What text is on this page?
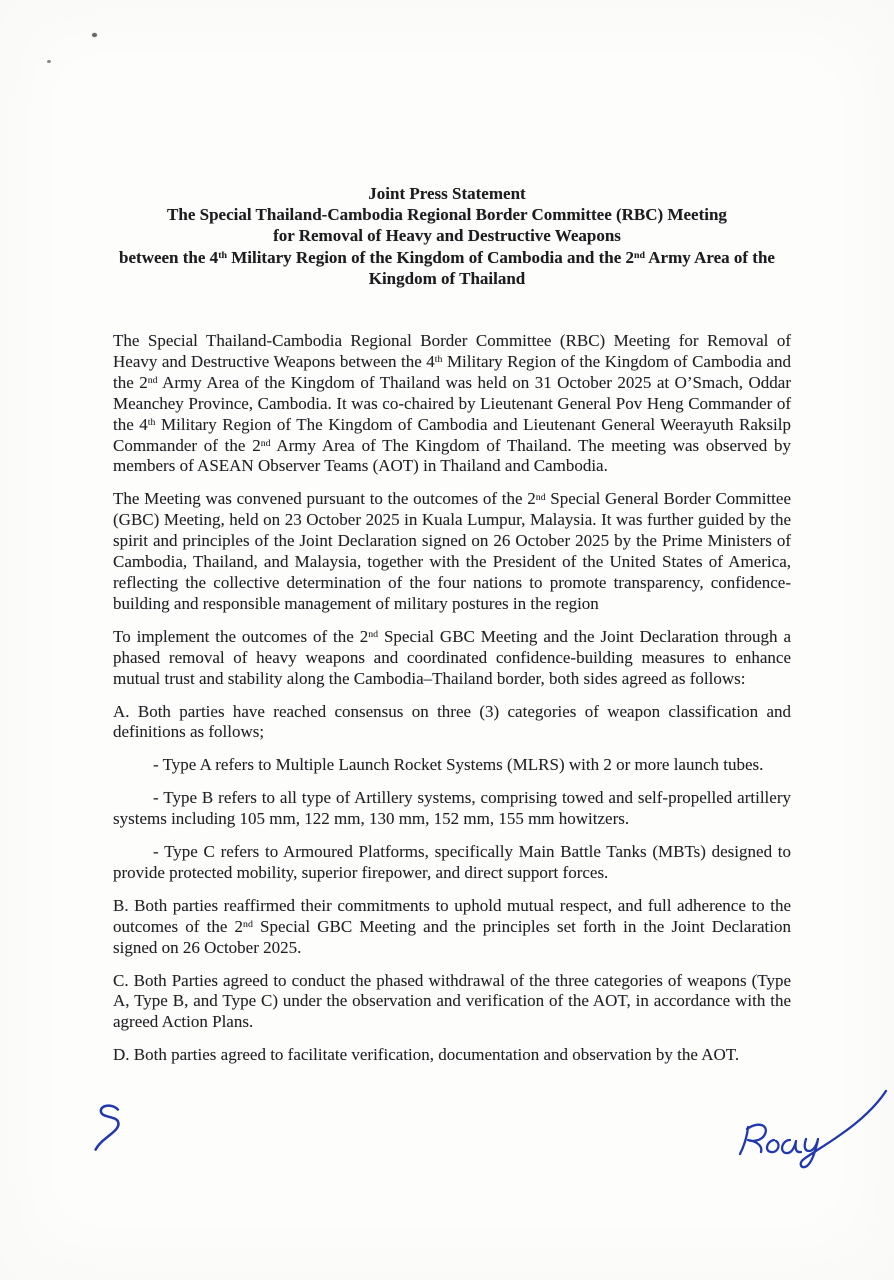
Joint Press Statement
The Special Thailand-Cambodia Regional Border Committee (RBC) Meeting
for Removal of Heavy and Destructive Weapons
between the 4th Military Region of the Kingdom of Cambodia and the 2nd Army Area of the
Kingdom of Thailand

The Special Thailand-Cambodia Regional Border Committee (RBC) Meeting for Removal of Heavy and Destructive Weapons between the 4th Military Region of the Kingdom of Cambodia and the 2nd Army Area of the Kingdom of Thailand was held on 31 October 2025 at O’Smach, Oddar Meanchey Province, Cambodia. It was co-chaired by Lieutenant General Pov Heng Commander of the 4th Military Region of The Kingdom of Cambodia and Lieutenant General Weerayuth Raksilp Commander of the 2nd Army Area of The Kingdom of Thailand. The meeting was observed by members of ASEAN Observer Teams (AOT) in Thailand and Cambodia.

The Meeting was convened pursuant to the outcomes of the 2nd Special General Border Committee (GBC) Meeting, held on 23 October 2025 in Kuala Lumpur, Malaysia. It was further guided by the spirit and principles of the Joint Declaration signed on 26 October 2025 by the Prime Ministers of Cambodia, Thailand, and Malaysia, together with the President of the United States of America, reflecting the collective determination of the four nations to promote transparency, confidence-building and responsible management of military postures in the region

To implement the outcomes of the 2nd Special GBC Meeting and the Joint Declaration through a phased removal of heavy weapons and coordinated confidence-building measures to enhance mutual trust and stability along the Cambodia–Thailand border, both sides agreed as follows:

A. Both parties have reached consensus on three (3) categories of weapon classification and definitions as follows;

- Type A refers to Multiple Launch Rocket Systems (MLRS) with 2 or more launch tubes.

- Type B refers to all type of Artillery systems, comprising towed and self-propelled artillery systems including 105 mm, 122 mm, 130 mm, 152 mm, 155 mm howitzers.

- Type C refers to Armoured Platforms, specifically Main Battle Tanks (MBTs) designed to provide protected mobility, superior firepower, and direct support forces.

B. Both parties reaffirmed their commitments to uphold mutual respect, and full adherence to the outcomes of the 2nd Special GBC Meeting and the principles set forth in the Joint Declaration signed on 26 October 2025.

C. Both Parties agreed to conduct the phased withdrawal of the three categories of weapons (Type A, Type B, and Type C) under the observation and verification of the AOT, in accordance with the agreed Action Plans.

D. Both parties agreed to facilitate verification, documentation and observation by the AOT.
